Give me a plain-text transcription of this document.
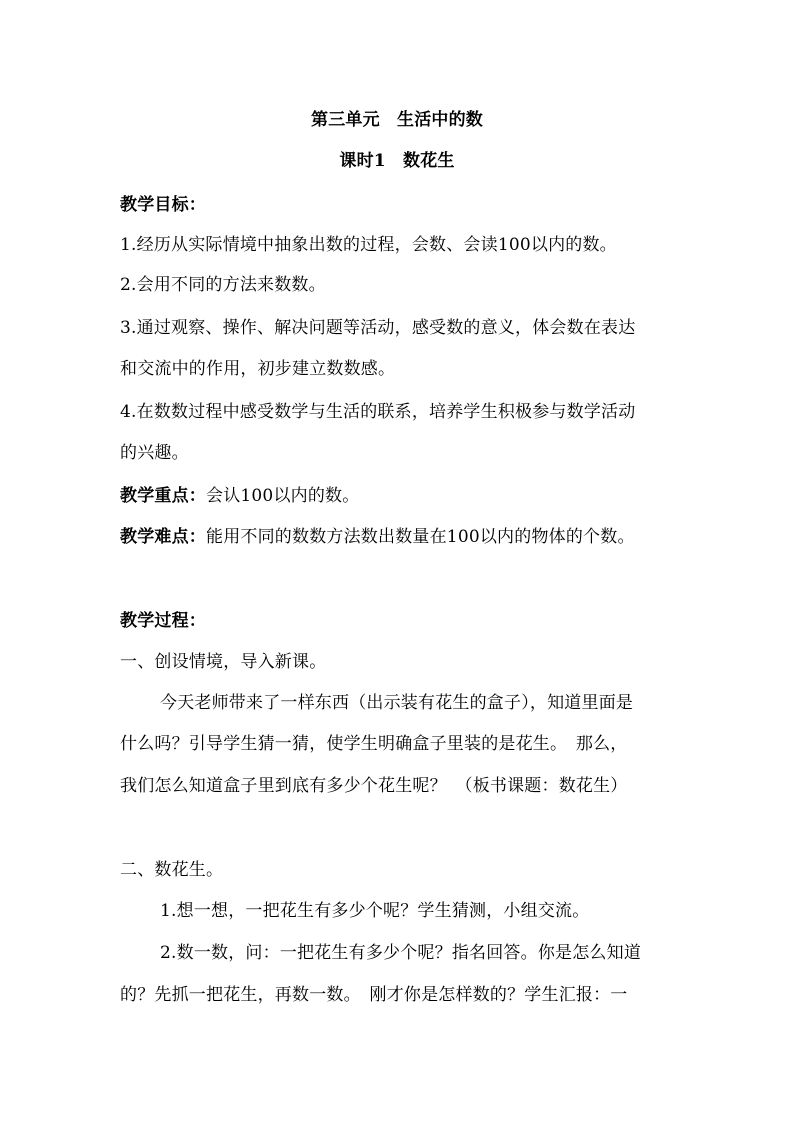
第三单元　生活中的数
课时1　数花生
教学目标：
1.经历从实际情境中抽象出数的过程，会数、会读100以内的数。
2.会用不同的方法来数数。
3.通过观察、操作、解决问题等活动，感受数的意义，体会数在表达
和交流中的作用，初步建立数数感。
4.在数数过程中感受数学与生活的联系，培养学生积极参与数学活动
的兴趣。
教学重点：会认100以内的数。
教学难点：能用不同的数数方法数出数量在100以内的物体的个数。
教学过程：
一、创设情境，导入新课。
今天老师带来了一样东西（出示装有花生的盒子），知道里面是
什么吗？引导学生猜一猜，使学生明确盒子里装的是花生。　那么，
我们怎么知道盒子里到底有多少个花生呢？　（板书课题：数花生）
二、数花生。
1.想一想，一把花生有多少个呢？学生猜测，小组交流。
2.数一数，问：一把花生有多少个呢？指名回答。你是怎么知道
的？先抓一把花生，再数一数。　刚才你是怎样数的？学生汇报：一
